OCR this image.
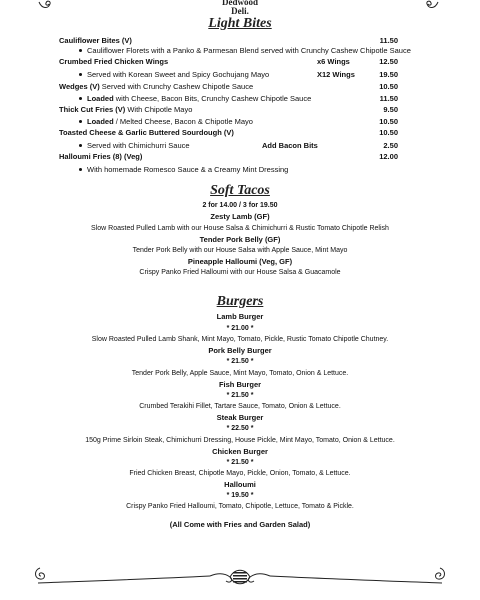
Dedwood
Deli.
Light Bites
Cauliflower Bites (V)	11.50
Cauliflower Florets with a Panko & Parmesan Blend served with Crunchy Cashew Chipotle Sauce
Crumbed Fried Chicken Wings	x6 Wings	12.50
Served with Korean Sweet and Spicy Gochujang Mayo	X12 Wings	19.50
Wedges (V) Served with Crunchy Cashew Chipotle Sauce	10.50
Loaded with Cheese, Bacon Bits, Crunchy Cashew Chipotle Sauce	11.50
Thick Cut Fries (V) With Chipotle Mayo	9.50
Loaded / Melted Cheese, Bacon & Chipotle Mayo	10.50
Toasted Cheese & Garlic Buttered Sourdough (V)	10.50
Served with Chimichurri Sauce	Add Bacon Bits	2.50
Halloumi Fries (8) (Veg)	12.00
With homemade Romesco Sauce & a Creamy Mint Dressing
Soft Tacos
2 for 14.00 / 3 for 19.50
Zesty Lamb (GF)
Slow Roasted Pulled Lamb with our House Salsa & Chimichurri & Rustic Tomato Chipotle Relish
Tender Pork Belly (GF)
Tender Pork Belly with our House Salsa with Apple Sauce, Mint Mayo
Pineapple Halloumi (Veg, GF)
Crispy Panko Fried Halloumi with our House Salsa & Guacamole
Burgers
Lamb Burger
* 21.00 *
Slow Roasted Pulled Lamb Shank, Mint Mayo, Tomato, Pickle, Rustic Tomato Chipotle Chutney.
Pork Belly Burger
* 21.50 *
Tender Pork Belly, Apple Sauce, Mint Mayo, Tomato, Onion & Lettuce.
Fish Burger
* 21.50 *
Crumbed Terakihi Fillet, Tartare Sauce, Tomato, Onion & Lettuce.
Steak Burger
* 22.50 *
150g Prime Sirloin Steak, Chimichurri Dressing, House Pickle, Mint Mayo, Tomato, Onion & Lettuce.
Chicken Burger
* 21.50 *
Fried Chicken Breast, Chipotle Mayo, Pickle, Onion, Tomato, & Lettuce.
Halloumi
* 19.50 *
Crispy Panko Fried Halloumi, Tomato, Chipotle, Lettuce, Tomato & Pickle.
(All Come with Fries and Garden Salad)
